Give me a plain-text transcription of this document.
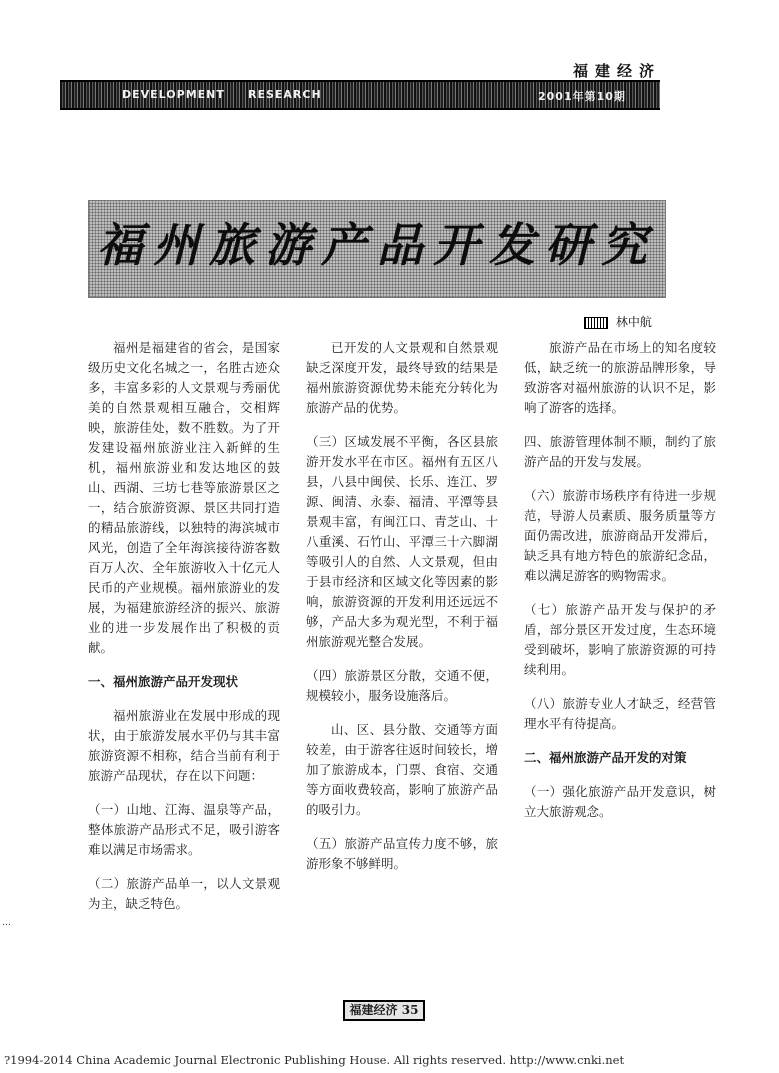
福建经济
DEVELOPMENT RESEARCH	2001年第10期
福州旅游产品开发研究
林中航

福州是福建省的省会，是国家级历史文化名城之一，名胜古迹众多，丰富多彩的人文景观与秀丽优美的自然景观相互融合，交相辉映，旅游佳处，数不胜数。为了开发建设福州旅游业注入新鲜的生机，福州旅游业和发达地区的鼓山、西湖、三坊七巷等旅游景区之一，结合旅游资源、景区共同打造的精品旅游线，以独特的海滨城市风光，创造了全年海滨接待游客数百万人次、全年旅游收入十亿元人民币的产业规模。福州旅游业的发展，为福建旅游经济的振兴、旅游业的进一步发展作出了积极的贡献。

一、福州旅游产品开发现状

福州旅游业在发展中形成的现状，由于旅游发展水平仍与其丰富旅游资源不相称，结合当前有利于旅游产品现状，存在以下问题：

（一）山地、江海、温泉等产品，整体旅游产品形式不足，吸引游客难以满足市场需求。

（二）旅游产品单一，以人文景观为主，缺乏特色。

已开发的人文景观和自然景观缺乏深度开发，最终导致的结果是福州旅游资源优势未能充分转化为旅游产品的优势。

（三）区域发展不平衡，各区县旅游开发水平在市区。福州有五区八县，八县中闽侯、长乐、连江、罗源、闽清、永泰、福清、平潭等县景观丰富，有闽江口、青芝山、十八重溪、石竹山、平潭三十六脚湖等吸引人的自然、人文景观，但由于县市经济和区域文化等因素的影响，旅游资源的开发利用还远远不够，产品大多为观光型，不利于福州旅游观光整合发展。

（四）旅游景区分散，交通不便，规模较小，服务设施落后。

山、区、县分散、交通等方面较差，由于游客往返时间较长，增加了旅游成本，门票、食宿、交通等方面收费较高，影响了旅游产品的吸引力。

（五）旅游产品宣传力度不够，旅游形象不够鲜明。

旅游产品在市场上的知名度较低，缺乏统一的旅游品牌形象，导致游客对福州旅游的认识不足，影响了游客的选择。

四、旅游管理体制不顺，制约了旅游产品的开发与发展。

（六）旅游市场秩序有待进一步规范，导游人员素质、服务质量等方面仍需改进，旅游商品开发滞后，缺乏具有地方特色的旅游纪念品，难以满足游客的购物需求。

（七）旅游产品开发与保护的矛盾，部分景区开发过度，生态环境受到破坏，影响了旅游资源的可持续利用。

（八）旅游专业人才缺乏，经营管理水平有待提高。

二、福州旅游产品开发的对策

（一）强化旅游产品开发意识，树立大旅游观念。

…
福建经济 35
?1994-2014 China Academic Journal Electronic Publishing House. All rights reserved. http://www.cnki.net
